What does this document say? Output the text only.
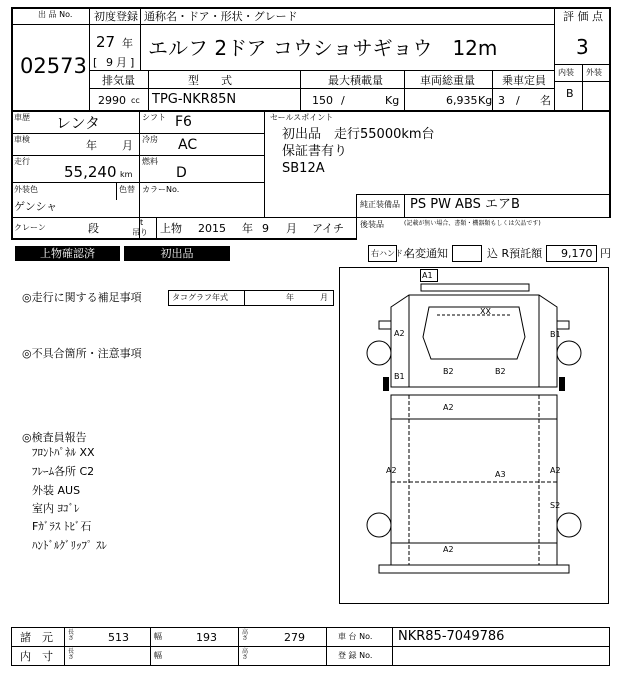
出 品 No.
02573
初度登録 通称名・ドア・形状・グレード
27 年
[ 9 月 ]
エルフ 2ドア コウショサギョウ　12m
評 価 点
3
内装 外装
B
排気量	型　　式	最大積載量	車両総重量 乗車定員
2990 cc TPG-NKR85N	150 /	Kg	6,935 Kg 3 / 名
車歴 レンタ	シフト F6
車検	年 月 冷房 AC
走行
55,240 km
燃料
D
外装色
ゲンシャ
色替 カラーNo.
クレーン	段	t
吊り 上物 2015 年 9 月 アイチ
セールスポイント
初出品　走行55000km台
保証書有り
SB12A
純正装備品 PS PW ABS エアB
後装品	(記載が無い場合、書類・機器類もしくは欠品です)
上物確認済	初出品	右ハンドル
名変通知	込 R預託額 9,170 円
◎走行に関する補足事項	タコグラフ年式	年	月
◎不具合箇所・注意事項
◎検査員報告
ﾌﾛﾝﾄﾊﾟﾈﾙ XX
ﾌﾚｰﾑ各所 C2
外装 AUS
室内 ﾖｺﾞﾚ
Fｶﾞﾗｽ ﾄﾋﾞ石
ﾊﾝﾄﾞﾙｸﾞﾘｯﾌﾟ ｽﾚ
A1
XX
A2	B1
B1
B2	B2
A2
A2	A3	A2
S2
A2
諸　元	長さ	513	幅	193	高さ	279	車 台 No. NKR85-7049786
内　寸	長さ	幅	高さ	登 録 No.
